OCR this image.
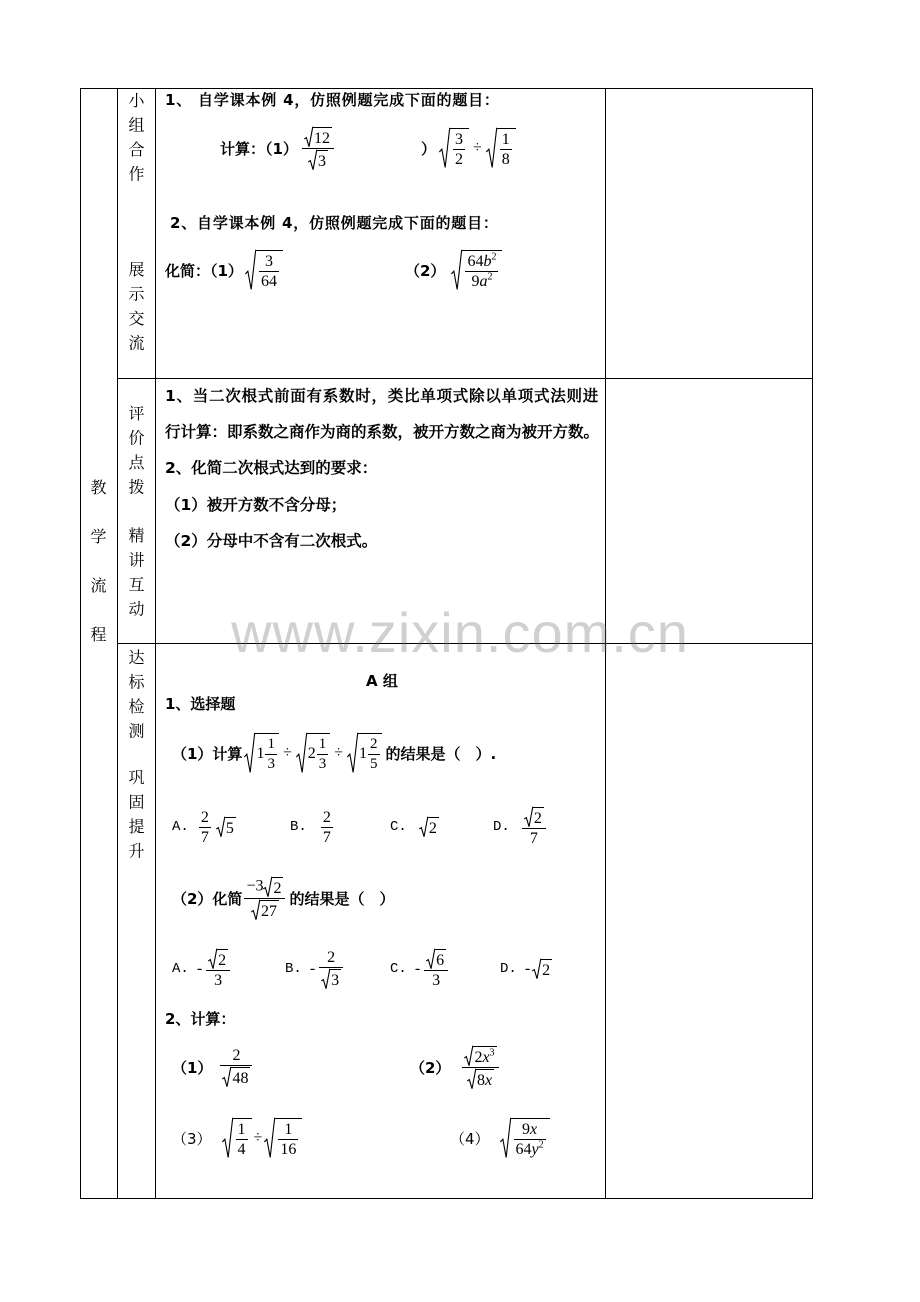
教学流程
小组合作
展示交流
评价点拨
精讲互动
达标检测
巩固提升
1、 自学课本例 4，仿照例题完成下面的题目：
计算：$(1) \frac{12}{3}$	） $\frac{3}{2} \div \frac{1}{8}$
2、自学课本例 4，仿照例题完成下面的题目：
化简：$(1) \frac{3}{64}$	$(2) \frac{64b^2}{9a^2}$
1、当二次根式前面有系数时，类比单项式除以单项式法则进
行计算：即系数之商作为商的系数，被开方数之商为被开方数。
2、化简二次根式达到的要求：
（1）被开方数不含分母；
（2）分母中不含有二次根式。
A 组
1、选择题
（1）计算 $1 \frac{1}{3} \div 2 \frac{1}{3} \div 1 \frac{2}{5}$ 的结果是（　）.
A. $\frac{2}{7} 5$	B. $\frac{2}{7}$	C. 2	D. $\frac{2}{7}$
（2）化简 $\frac{-3 2}{27}$ 的结果是（　）
A. - $\frac{2}{3}$	B. - $\frac{2}{3}$	C. - $\frac{6}{3}$	D. - 2
2、计算：
$(1) \frac{2}{48}$	$(2) \frac{2x^3}{8x}$
$(3) \frac{1}{4} \div \frac{1}{16}$	$(4) \frac{9x}{64y^2}$
www.zixin.com.cn
